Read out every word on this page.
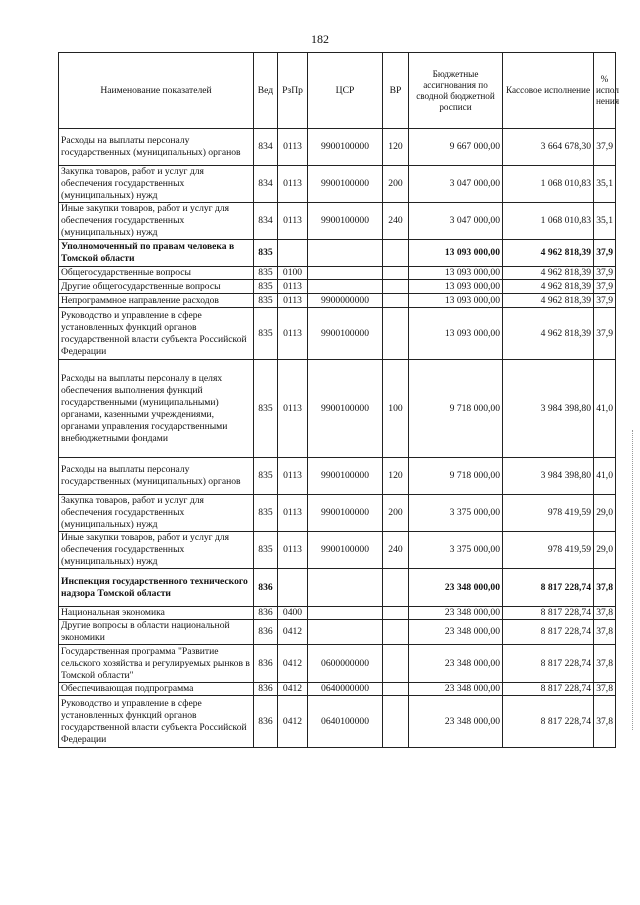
182
Наименование показателей	Вед	РзПр	ЦСР	ВР	Бюджетные ассигнования по сводной бюджетной росписи	Кассовое исполнение	% испол нения
Расходы на выплаты персоналу государственных (муниципальных) органов	834	0113	9900100000	120	9 667 000,00	3 664 678,30	37,9
Закупка товаров, работ и услуг для обеспечения государственных (муниципальных) нужд	834	0113	9900100000	200	3 047 000,00	1 068 010,83	35,1
Иные закупки товаров, работ и услуг для обеспечения государственных (муниципальных) нужд	834	0113	9900100000	240	3 047 000,00	1 068 010,83	35,1
Уполномоченный по правам человека в Томской области	835				13 093 000,00	4 962 818,39	37,9
Общегосударственные вопросы	835	0100			13 093 000,00	4 962 818,39	37,9
Другие общегосударственные вопросы	835	0113			13 093 000,00	4 962 818,39	37,9
Непрограммное направление расходов	835	0113	9900000000		13 093 000,00	4 962 818,39	37,9
Руководство и управление в сфере установленных функций органов государственной власти субъекта Российской Федерации	835	0113	9900100000		13 093 000,00	4 962 818,39	37,9
Расходы на выплаты персоналу в целях обеспечения выполнения функций государственными (муниципальными) органами, казенными учреждениями, органами управления государственными внебюджетными фондами	835	0113	9900100000	100	9 718 000,00	3 984 398,80	41,0
Расходы на выплаты персоналу государственных (муниципальных) органов	835	0113	9900100000	120	9 718 000,00	3 984 398,80	41,0
Закупка товаров, работ и услуг для обеспечения государственных (муниципальных) нужд	835	0113	9900100000	200	3 375 000,00	978 419,59	29,0
Иные закупки товаров, работ и услуг для обеспечения государственных (муниципальных) нужд	835	0113	9900100000	240	3 375 000,00	978 419,59	29,0
Инспекция государственного технического надзора Томской области	836				23 348 000,00	8 817 228,74	37,8
Национальная экономика	836	0400			23 348 000,00	8 817 228,74	37,8
Другие вопросы в области национальной экономики	836	0412			23 348 000,00	8 817 228,74	37,8
Государственная программа "Развитие сельского хозяйства и регулируемых рынков в Томской области"	836	0412	0600000000		23 348 000,00	8 817 228,74	37,8
Обеспечивающая подпрограмма	836	0412	0640000000		23 348 000,00	8 817 228,74	37,8
Руководство и управление в сфере установленных функций органов государственной власти субъекта Российской Федерации	836	0412	0640100000		23 348 000,00	8 817 228,74	37,8
